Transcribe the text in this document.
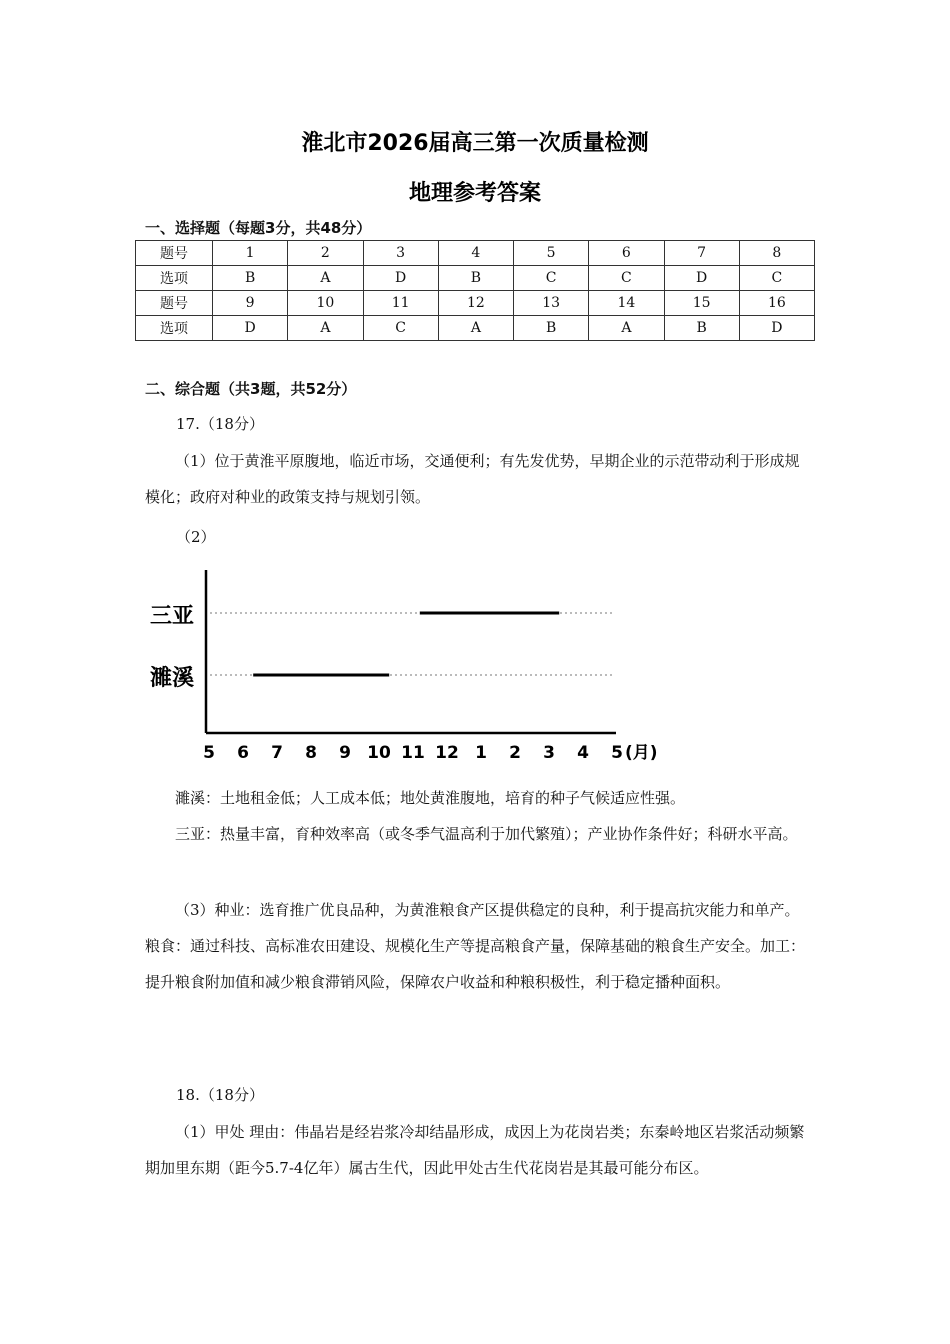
淮北市2026届高三第一次质量检测
地理参考答案
一、选择题（每题3分，共48分）
题号	1	2	3	4	5	6	7	8
选项	B	A	D	B	C	C	D	C
题号	9	10	11	12	13	14	15	16
选项	D	A	C	A	B	A	B	D
二、综合题（共3题，共52分）
17.（18分）
（1）位于黄淮平原腹地，临近市场，交通便利；有先发优势，早期企业的示范带动利于形成规模化；政府对种业的政策支持与规划引领。
（2）
三亚
濉溪
5 6 7 8 9 10 11 12 1 2 3 4 5 (月)
濉溪：土地租金低；人工成本低；地处黄淮腹地，培育的种子气候适应性强。
三亚：热量丰富，育种效率高（或冬季气温高利于加代繁殖）；产业协作条件好；科研水平高。
（3）种业：选育推广优良品种，为黄淮粮食产区提供稳定的良种，利于提高抗灾能力和单产。粮食：通过科技、高标准农田建设、规模化生产等提高粮食产量，保障基础的粮食生产安全。加工：提升粮食附加值和减少粮食滞销风险，保障农户收益和种粮积极性，利于稳定播种面积。
18.（18分）
（1）甲处 理由：伟晶岩是经岩浆冷却结晶形成，成因上为花岗岩类；东秦岭地区岩浆活动频繁期加里东期（距今5.7-4亿年）属古生代，因此甲处古生代花岗岩是其最可能分布区。
